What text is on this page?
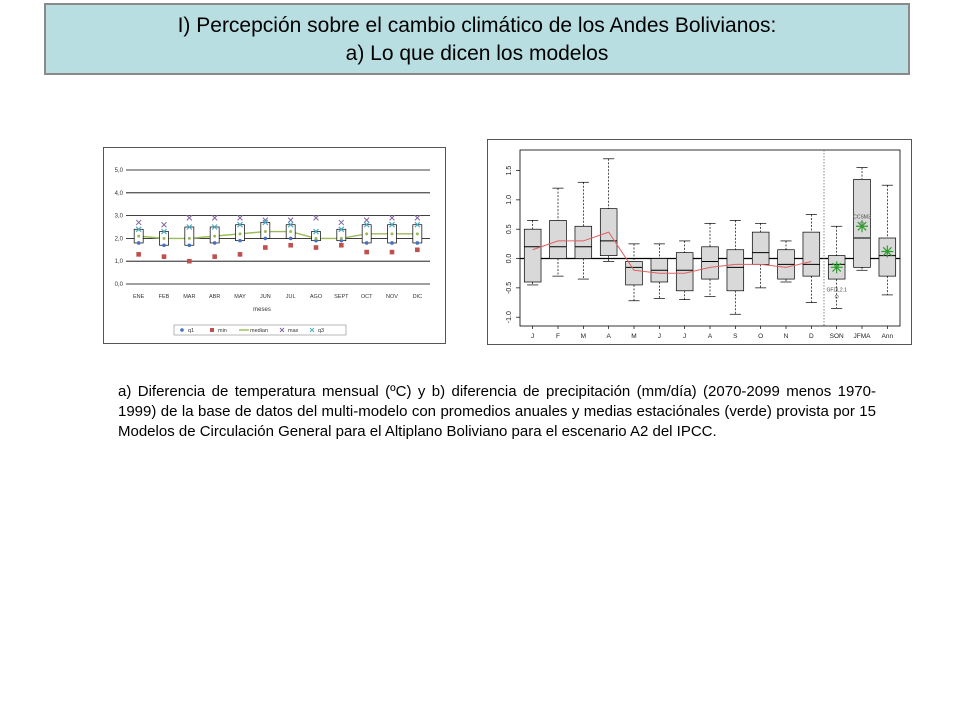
I) Percepción sobre el cambio climático de los Andes Bolivianos:
a) Lo que dicen los modelos
0,0
1,0
2,0
3,0
4,0
5,0
ENE	FEB	MAR ABR	MAY	JUN	JUL	AGO SEPT OCT NOV	DIC
meses
q1	min	median	max	q3
-1.0
-0.5
0.0
0.5
1.0
1.5
J	F	M	A	M	J	J	A	S	O	N	D SON JFMA Ann
CCSM3
GFDL2.1
a) Diferencia de temperatura mensual (ºC) y b) diferencia de precipitación (mm/día) (2070-2099 menos 1970-1999) de la base de datos del multi-modelo con promedios anuales y medias estaciónales (verde) provista por 15 Modelos de Circulación General para el Altiplano Boliviano para el escenario A2 del IPCC.
